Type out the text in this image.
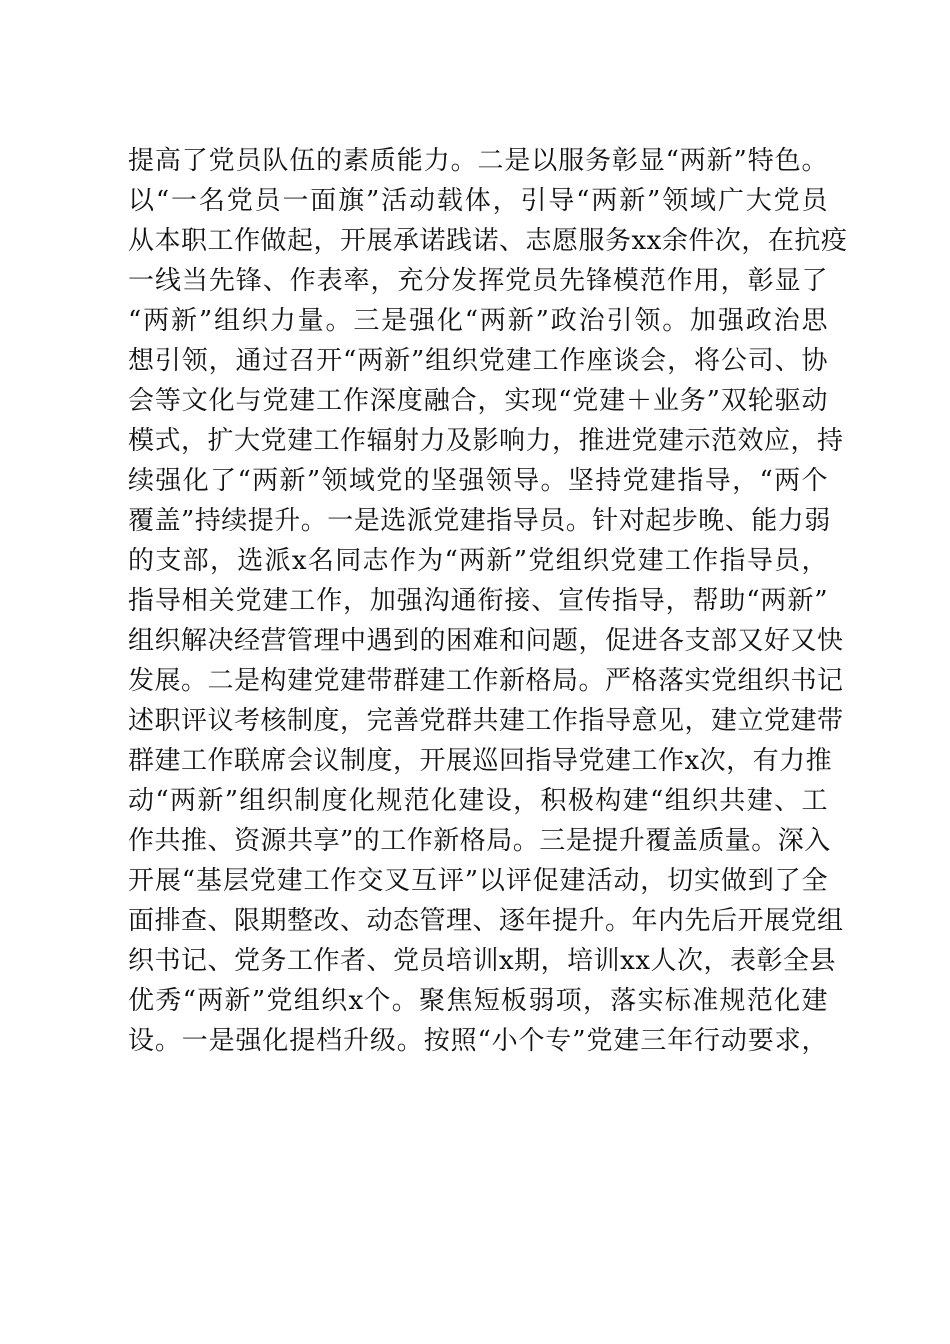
提高了党员队伍的素质能力。二是以服务彰显“两新”特色。
以“一名党员一面旗”活动载体，引导“两新”领域广大党员
从本职工作做起，开展承诺践诺、志愿服务xx余件次，在抗疫
一线当先锋、作表率，充分发挥党员先锋模范作用，彰显了
“两新”组织力量。三是强化“两新”政治引领。加强政治思
想引领，通过召开“两新”组织党建工作座谈会，将公司、协
会等文化与党建工作深度融合，实现“党建＋业务”双轮驱动
模式，扩大党建工作辐射力及影响力，推进党建示范效应，持
续强化了“两新”领域党的坚强领导。坚持党建指导，“两个
覆盖”持续提升。一是选派党建指导员。针对起步晚、能力弱
的支部，选派x名同志作为“两新”党组织党建工作指导员，
指导相关党建工作，加强沟通衔接、宣传指导，帮助“两新”
组织解决经营管理中遇到的困难和问题，促进各支部又好又快
发展。二是构建党建带群建工作新格局。严格落实党组织书记
述职评议考核制度，完善党群共建工作指导意见，建立党建带
群建工作联席会议制度，开展巡回指导党建工作x次，有力推
动“两新”组织制度化规范化建设，积极构建“组织共建、工
作共推、资源共享”的工作新格局。三是提升覆盖质量。深入
开展“基层党建工作交叉互评”以评促建活动，切实做到了全
面排查、限期整改、动态管理、逐年提升。年内先后开展党组
织书记、党务工作者、党员培训x期，培训xx人次，表彰全县
优秀“两新”党组织x个。聚焦短板弱项，落实标准规范化建
设。一是强化提档升级。按照“小个专”党建三年行动要求，
